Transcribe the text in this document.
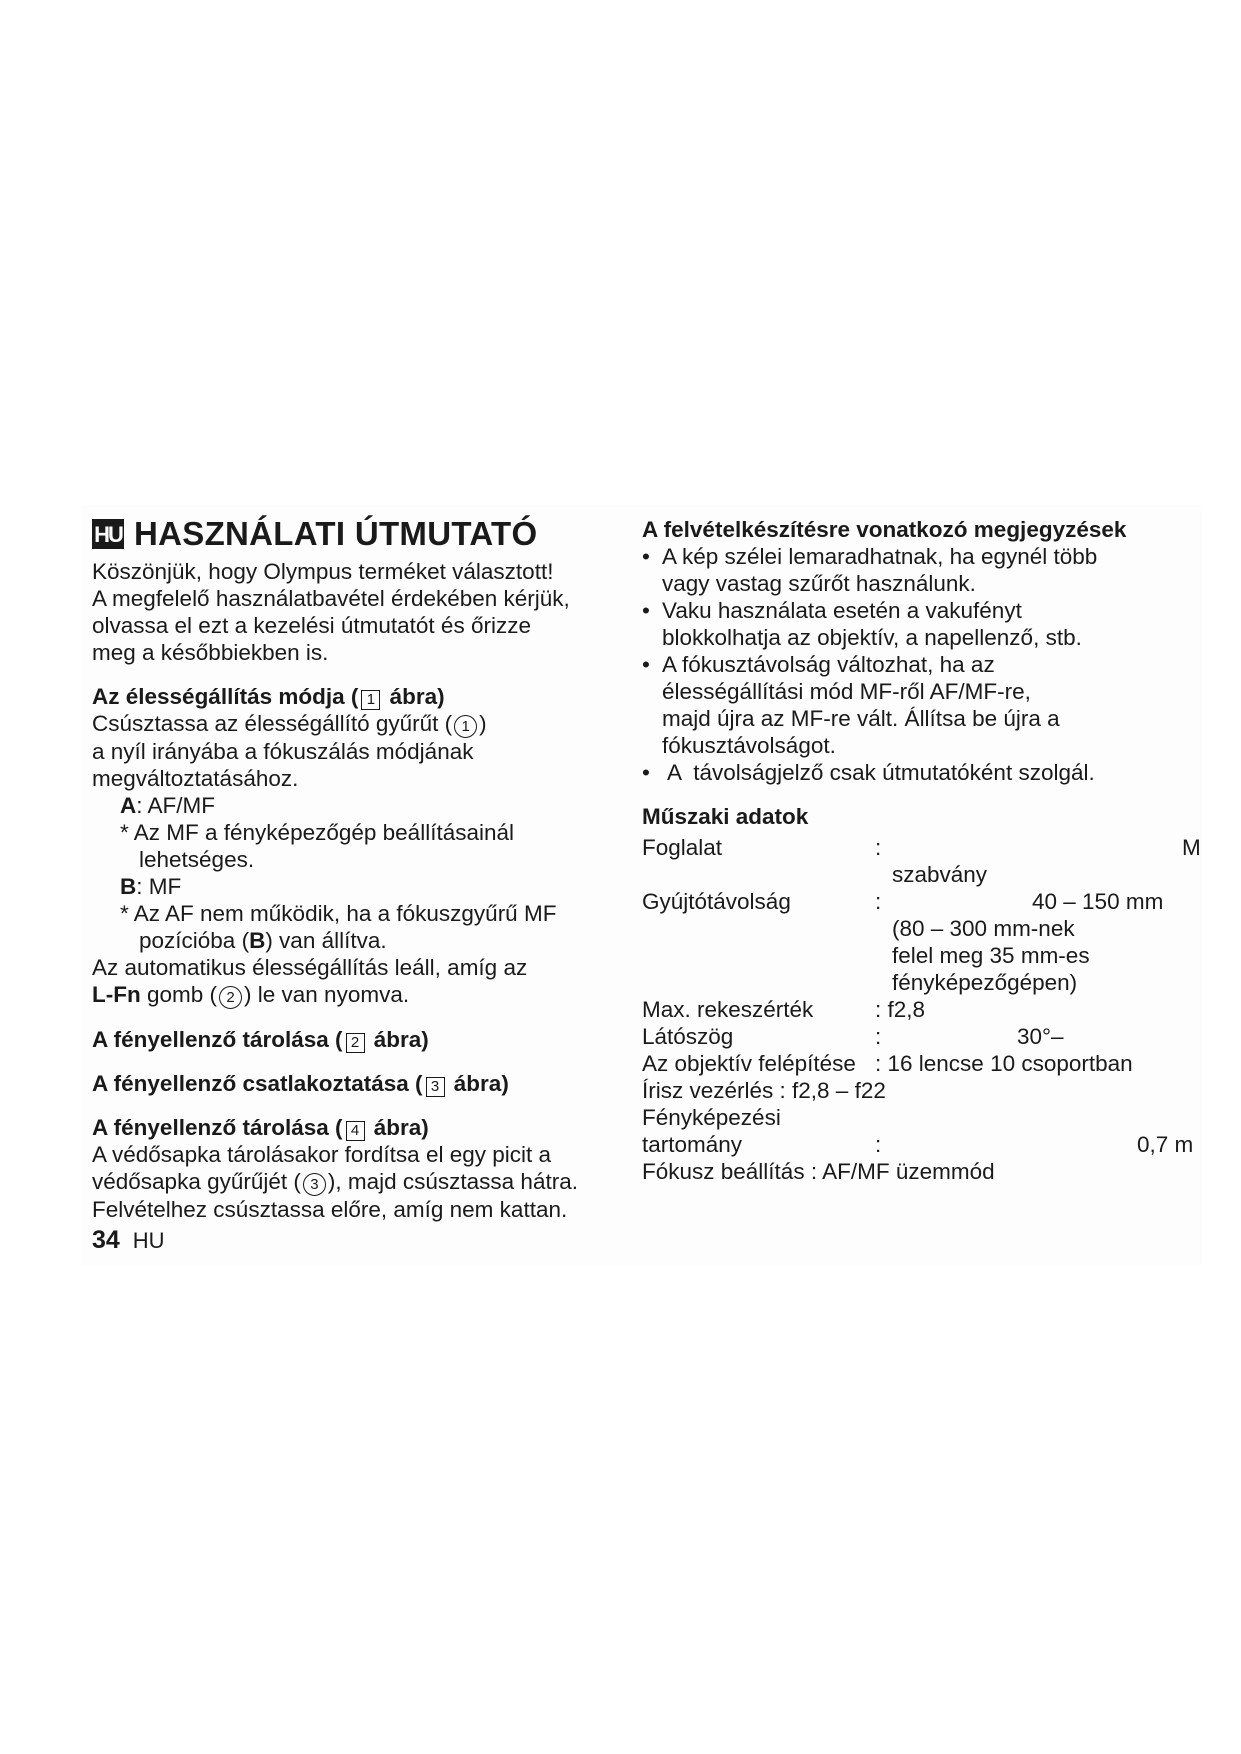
HU HASZNÁLATI ÚTMUTATÓ

Köszönjük, hogy Olympus terméket választott!

A megfelelő használatbavétel érdekében kérjük,

olvassa el ezt a kezelési útmutatót és őrizze

meg a későbbiekben is.

Az élességállítás módja ( 1 ábra)

Csúsztassa az élességállító gyűrűt ( 1 )

a nyíl irányába a fókuszálás módjának

megváltoztatásához.

A: AF/MF

* Az MF a fényképezőgép beállításainál

lehetséges.

B: MF

* Az AF nem működik, ha a fókuszgyűrű MF

pozícióba (B) van állítva.

Az automatikus élességállítás leáll, amíg az

L-Fn gomb ( 2 ) le van nyomva.

A fényellenző tárolása ( 2 ábra)

A fényellenző csatlakoztatása ( 3 ábra)

A fényellenző tárolása ( 4 ábra)

A védősapka tárolásakor fordítsa el egy picit a

védősapka gyűrűjét ( 3 ), majd csúsztassa hátra.

Felvételhez csúsztassa előre, amíg nem kattan.

A felvételkészítésre vonatkozó megjegyzések

• A kép szélei lemaradhatnak, ha egynél több

vagy vastag szűrőt használunk.

• Vaku használata esetén a vakufényt

blokkolhatja az objektív, a napellenző, stb.

• A fókusztávolság változhat, ha az

élességállítási mód MF-ről AF/MF-re,

majd újra az MF-re vált. Állítsa be újra a

fókusztávolságot.

•  A  távolságjelző csak útmutatóként szolgál.

Műszaki adatok

Foglalat	:	M
szabvány
Gyújtótávolság	:	40 – 150 mm
(80 – 300 mm-nek
felel meg 35 mm-es
fényképezőgépen)
Max. rekeszérték	: f2,8
Látószög	:	30°–
Az objektív felépítése : 16 lencse 10 csoportban
Írisz vezérlés : f2,8 – f22
Fényképezési
tartomány	:	0,7 m
Fókusz beállítás : AF/MF üzemmód
34 HU
